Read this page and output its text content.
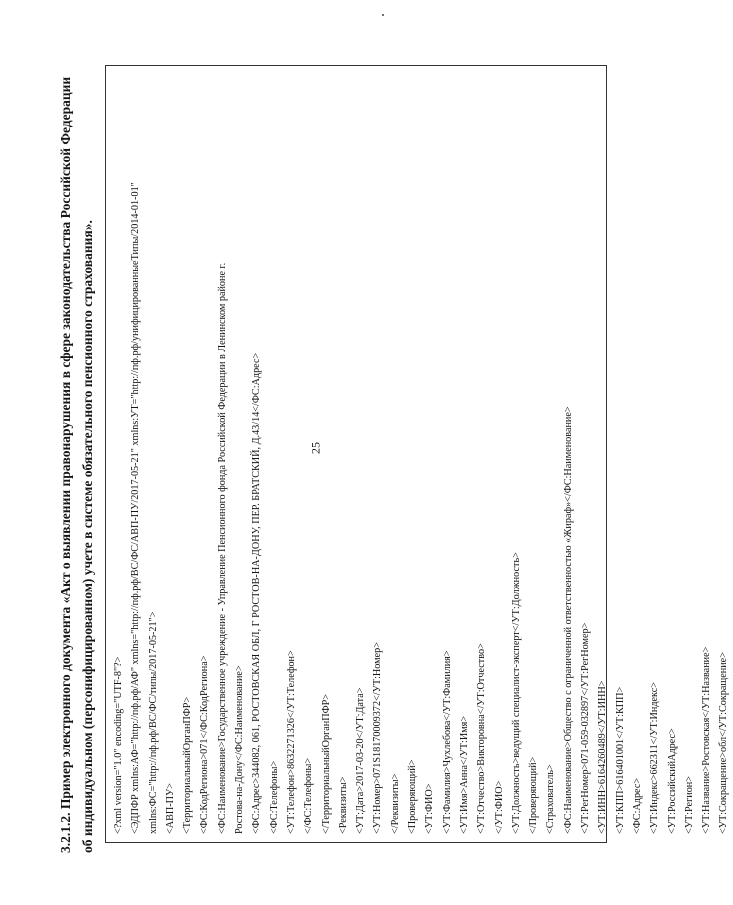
25

3.2.1.2. Пример электронного документа «Акт о выявлении правонарушения в сфере законодательства Российской Федерации об индивидуальном (персонифицированном) учете в системе обязательного пенсионного страхования».	<?xml version="1.0" encoding="UTF-8"?> <ЭДПФР xmlns:АФ="http://пф.рф/АФ" xmlns="http://пф.рф/ВС/ФС/АВП-ПУ/2017-05-21" xmlns:УТ="http://пф.рф/унифицированныеТипы/2014-01-01" xmlns:ФС="http://пф.рф/ВС/ФС/типы/2017-05-21"> <АВП-ПУ> <ТерриториальныйОрганПФР> <ФС:КодРегиона>071</ФС:КодРегиона> <ФС:Наименование>Государственное учреждение - Управление Пенсионного фонда Российской Федерации в Ленинском районе г. Ростова-на-Дону</ФС:Наименование> <ФС:Адрес>344082, 061, РОСТОВСКАЯ ОБЛ, Г РОСТОВ-НА-ДОНУ, ПЕР. БРАТСКИЙ, Д.43/14</ФС:Адрес> <ФС:Телефоны> <УТ:Телефон>8632271326</УТ:Телефон> </ФС:Телефоны> </ТерриториальныйОрганПФР> <Реквизиты> <УТ:Дата>2017-03-20</УТ:Дата> <УТ:Номер>071S18170009372</УТ:Номер> </Реквизиты> <Проверяющий> <УТ:ФИО> <УТ:Фамилия>Чухлебова</УТ:Фамилия> <УТ:Имя>Анна</УТ:Имя> <УТ:Отчество>Викторовна</УТ:Отчество> </УТ:ФИО> <УТ:Должность>ведущий специалист-эксперт</УТ:Должность> </Проверяющий> <Страхователь> <ФС:Наименование>Общество с ограниченной ответственностью «Жираф»</ФС:Наименование> <УТ:РегНомер>071-059-032897</УТ:РегНомер> <УТ:ИНН>6164260489</УТ:ИНН> <УТ:КПП>616401001</УТ:КПП> <ФС:Адрес> <УТ:Индекс>662311</УТ:Индекс> <УТ:РоссийскийАдрес> <УТ:Регион> <УТ:Название>Ростовская</УТ:Название> <УТ:Сокращение>обл</УТ:Сокращение>
